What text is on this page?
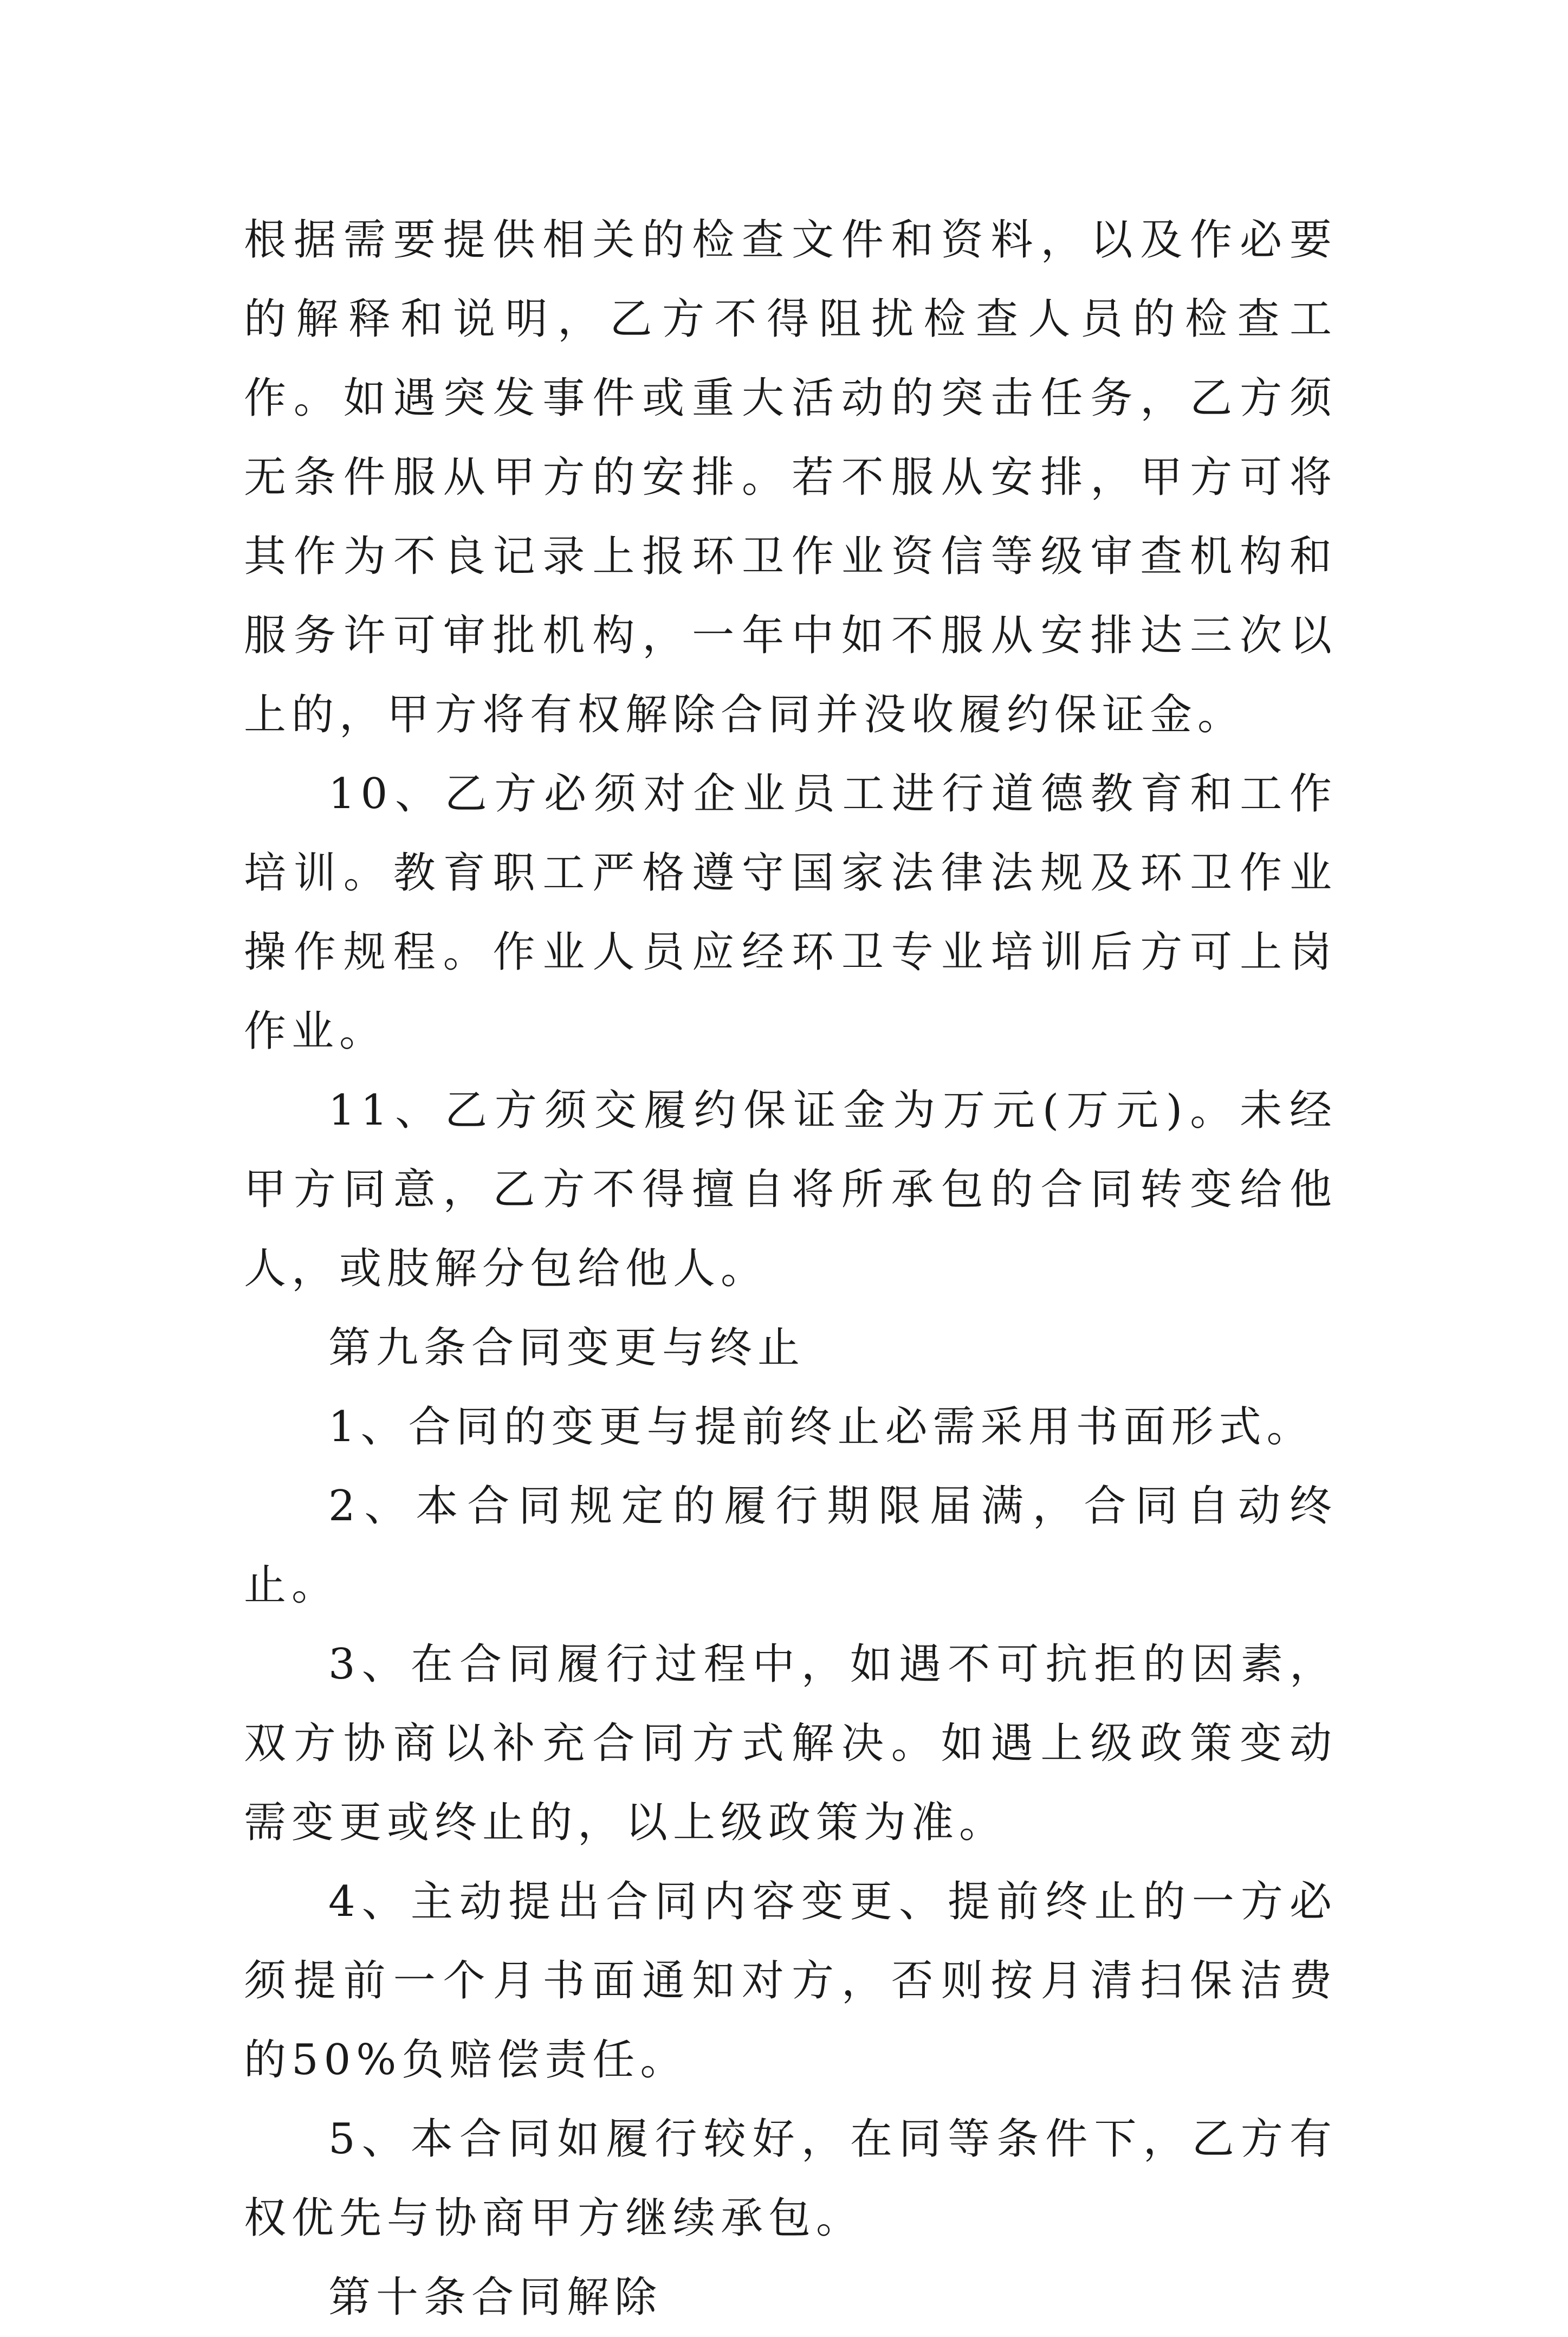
根据需要提供相关的检查文件和资料，以及作必要的解释和说明，乙方不得阻扰检查人员的检查工作。如遇突发事件或重大活动的突击任务，乙方须无条件服从甲方的安排。若不服从安排，甲方可将其作为不良记录上报环卫作业资信等级审查机构和服务许可审批机构，一年中如不服从安排达三次以上的，甲方将有权解除合同并没收履约保证金。

10、乙方必须对企业员工进行道德教育和工作培训。教育职工严格遵守国家法律法规及环卫作业操作规程。作业人员应经环卫专业培训后方可上岗作业。

11、乙方须交履约保证金为万元(万元)。未经甲方同意，乙方不得擅自将所承包的合同转变给他人，或肢解分包给他人。

第九条合同变更与终止

1、合同的变更与提前终止必需采用书面形式。

2、本合同规定的履行期限届满，合同自动终止。

3、在合同履行过程中，如遇不可抗拒的因素，双方协商以补充合同方式解决。如遇上级政策变动需变更或终止的，以上级政策为准。

4、主动提出合同内容变更、提前终止的一方必须提前一个月书面通知对方，否则按月清扫保洁费的50%负赔偿责任。

5、本合同如履行较好，在同等条件下，乙方有权优先与协商甲方继续承包。

第十条合同解除
